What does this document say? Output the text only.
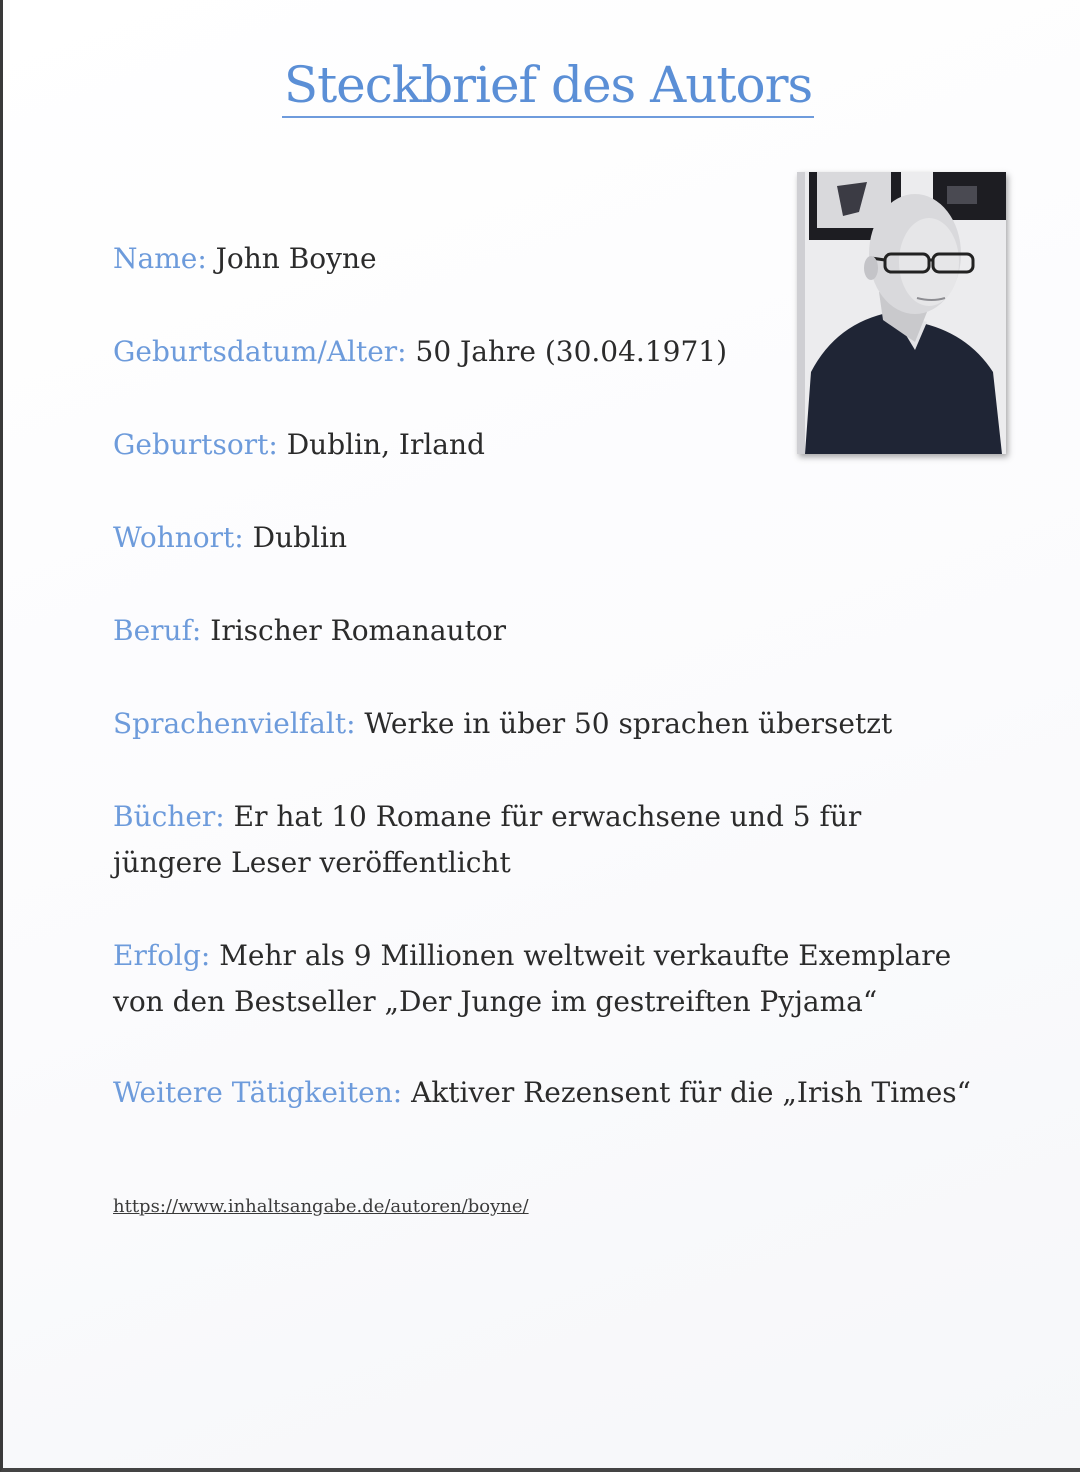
Steckbrief des Autors
Name: John Boyne
Geburtsdatum/Alter: 50 Jahre (30.04.1971)
Geburtsort: Dublin, Irland
Wohnort: Dublin
Beruf: Irischer Romanautor
Sprachenvielfalt: Werke in über 50 sprachen übersetzt
Bücher: Er hat 10 Romane für erwachsene und 5 für jüngere Leser veröffentlicht
Erfolg: Mehr als 9 Millionen weltweit verkaufte Exemplare von den Bestseller „Der Junge im gestreiften Pyjama“
Weitere Tätigkeiten: Aktiver Rezensent für die „Irish Times“
https://www.inhaltsangabe.de/autoren/boyne/
